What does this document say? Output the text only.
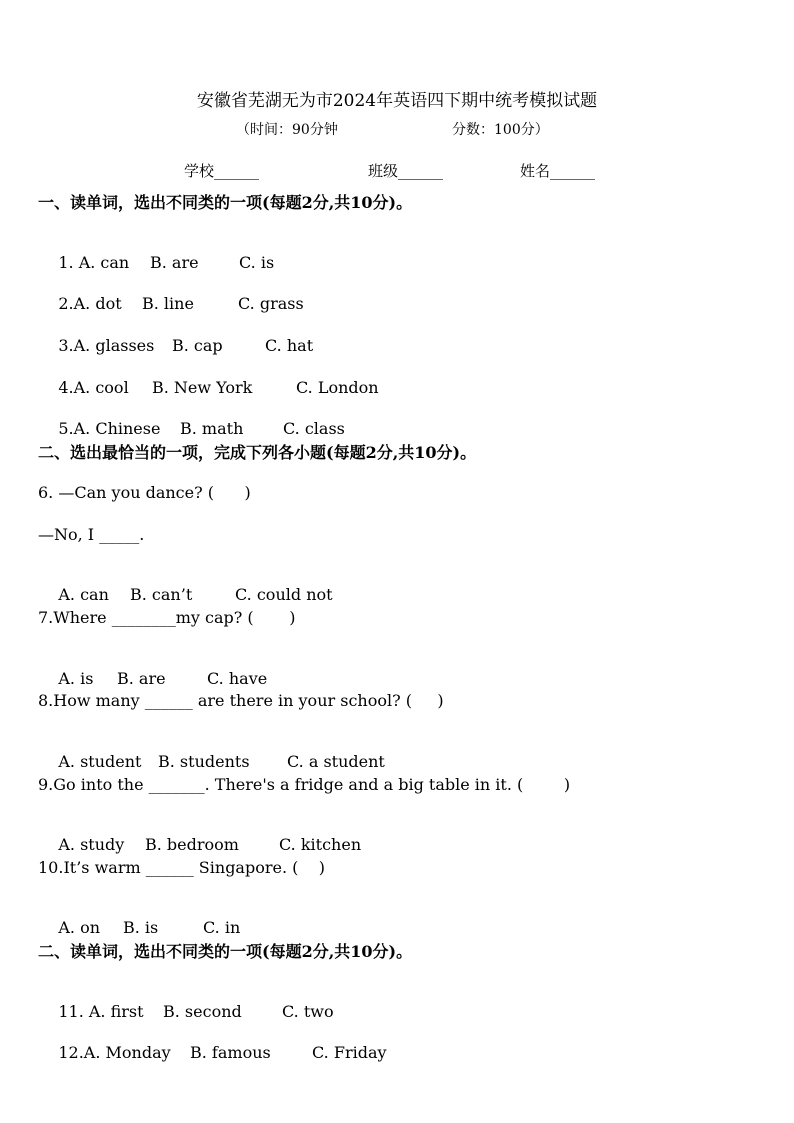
安徽省芜湖无为市2024年英语四下期中统考模拟试题
（时间：90分钟	分数：100分）
学校______	班级______	姓名______
一、读单词，选出不同类的一项(每题2分,共10分)。

1. A. can B. are	C. is

2.A. dot B. line	C. grass

3.A. glasses B. cap	C. hat

4.A. cool B. New York	C. London

5.A. Chinese B. math C. class

二、选出最恰当的一项，完成下列各小题(每题2分,共10分)。
6. —Can you dance? (      )
—No, I _____.

A. can B. can’t	C. could not

7.Where ________my cap? (       )

A. is B. are	C. have

8.How many ______ are there in your school? (     )

A. student B. students C. a student

9.Go into the _______. There's a fridge and a big table in it. (        )

A. study B. bedroom	C. kitchen

10.It’s warm ______ Singapore. (    )

A. on B. is	C. in

二、读单词，选出不同类的一项(每题2分,共10分)。

11. A. first B. second	C. two

12.A. Monday B. famous	C. Friday
